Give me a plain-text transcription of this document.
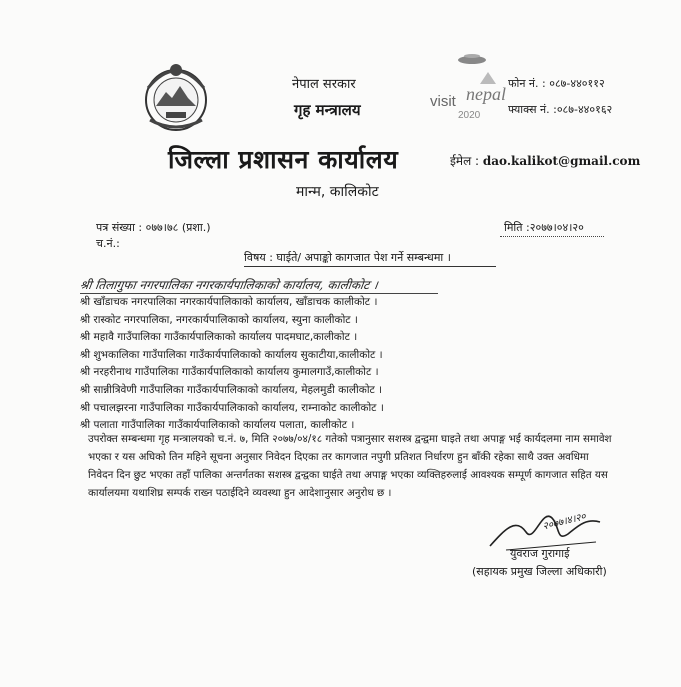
नेपाल सरकार
गृह मन्त्रालय
जिल्ला प्रशासन कार्यालय
मान्म, कालिकोट
visit nepal
2020
फोन नं. : ०८७-४४०११२
फ्याक्स नं. :०८७-४४०१६२
ईमेल : dao.kalikot@gmail.com
पत्र संख्या : ०७७।७८ (प्रशा.)
च.नं.:
मिति :२०७७।०४।२०
विषय : घाईते/ अपाङ्को कागजात पेश गर्ने सम्बन्धमा ।
श्री तिलागुफा नगरपालिका नगरकार्यपालिकाको कार्यालय, कालीकोट ।
श्री खाँडाचक नगरपालिका नगरकार्यपालिकाको कार्यालय, खाँडाचक कालीकोट ।
श्री रास्कोट नगरपालिका, नगरकार्यपालिकाको कार्यालय, स्युना कालीकोट ।
श्री महावै गाउँपालिका गाउँकार्यपालिकाको कार्यालय पादमघाट,कालीकोट ।
श्री शुभकालिका गाउँपालिका गाउँकार्यपालिकाको कार्यालय सुकाटीया,कालीकोट ।
श्री नरहरीनाथ गाउँपालिका गाउँकार्यपालिकाको कार्यालय कुमालगाउँ,कालीकोट ।
श्री सान्नीत्रिवेणी गाउँपालिका गाउँकार्यपालिकाको कार्यालय, मेहलमुडी कालीकोट ।
श्री पचालझरना गाउँपालिका गाउँकार्यपालिकाको कार्यालय, राम्नाकोट कालीकोट ।
श्री पलाता गाउँपालिका गाउँकार्यपालिकाको कार्यालय पलाता, कालीकोट ।

उपरोक्त सम्बन्धमा गृह मन्त्रालयको च.नं. ७, मिति २०७७/०४/१८ गतेको पत्रानुसार सशस्त्र द्वन्द्वमा घाइते तथा अपाङ्ग भई कार्यदलमा नाम समावेश भएका र यस अघिको तिन महिने सूचना अनुसार निवेदन दिएका तर कागजात नपुगी प्रतिशत निर्धारण हुन बाँकी रहेका साथै उक्त अवधिमा निवेदन दिन छुट भएका तहाँ पालिका अन्तर्गतका सशस्त्र द्वन्द्वका घाईते तथा अपाङ्ग भएका व्यक्तिहरुलाई आवश्यक सम्पूर्ण कागजात सहित यस कार्यालयमा यथाशिघ्र सम्पर्क राख्न पठाईदिने व्यवस्था हुन आदेशानुसार अनुरोध छ ।

२०७७।४।२०
युवराज गुरागाई
(सहायक प्रमुख जिल्ला अधिकारी)
